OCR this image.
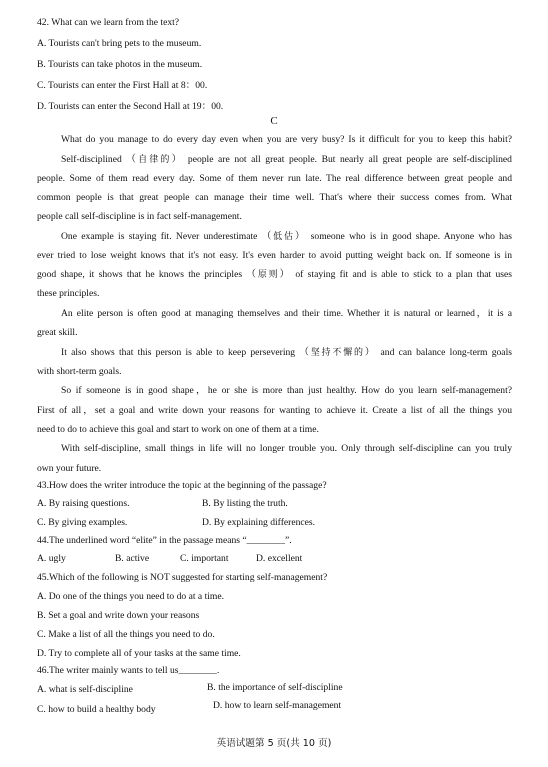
42. What can we learn from the text?
A. Tourists can't bring pets to the museum.
B. Tourists can take photos in the museum.
C. Tourists can enter the First Hall at 8：00.
D. Tourists can enter the Second Hall at 19：00.
C
What do you manage to do every day even when you are very busy? Is it difficult for you to keep this habit?
Self-disciplined （自律的） people are not all great people. But nearly all great people are self-disciplined
people. Some of them read every day. Some of them never run late. The real difference between great people and
common people is that great people can manage their time well. That's where their success comes from. What
people call self-discipline is in fact self-management.
One example is staying fit. Never underestimate （低估） someone who is in good shape. Anyone who has
ever tried to lose weight knows that it's not easy. It's even harder to avoid putting weight back on. If someone is in
good shape, it shows that he knows the principles （原则） of staying fit and is able to stick to a plan that uses
these principles.
An elite person is often good at managing themselves and their time. Whether it is natural or learned，it is a
great skill.
It also shows that this person is able to keep persevering （坚持不懈的） and can balance long-term goals
with short-term goals.
So if someone is in good shape，he or she is more than just healthy. How do you learn self-management?
First of all，set a goal and write down your reasons for wanting to achieve it. Create a list of all the things you
need to do to achieve this goal and start to work on one of them at a time.
With self-discipline, small things in life will no longer trouble you. Only through self-discipline can you truly
own your future.
43.How does the writer introduce the topic at the beginning of the passage?
A. By raising questions.	B. By listing the truth.
C. By giving examples.	D. By explaining differences.
44.The underlined word “elite” in the passage means “________”.
A. ugly	B. active	C. important	D. excellent
45.Which of the following is NOT suggested for starting self-management?
A. Do one of the things you need to do at a time.
B. Set a goal and write down your reasons
C. Make a list of all the things you need to do.
D. Try to complete all of your tasks at the same time.
46.The writer mainly wants to tell us________.
A. what is self-discipline	B. the importance of self-discipline
C. how to build a healthy body	D. how to learn self-management
英语试题第 5 页(共 10 页)
